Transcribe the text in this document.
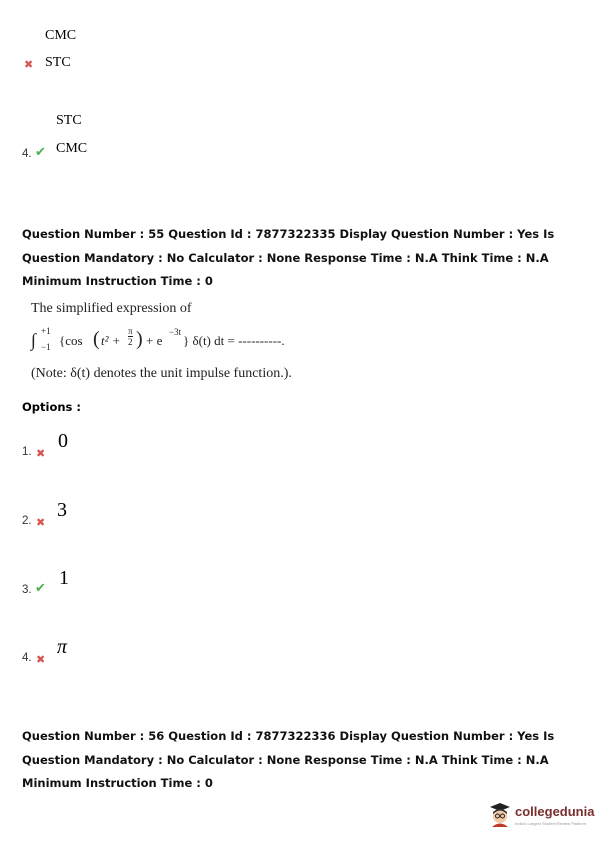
CMC
✖ STC
STC
4. ✔ CMC
Question Number : 55 Question Id : 7877322335 Display Question Number : Yes Is Question Mandatory : No Calculator : None Response Time : N.A Think Time : N.A Minimum Instruction Time : 0
The simplified expression of
∫ +1
−1 {cos ( t² +
π
2 ) + e
−3t
} δ(t) dt = ----------.
(Note: δ(t) denotes the unit impulse function.).
Options :
1. ✖
0
2. ✖
3
3. ✔ 1
4. ✖
π
Question Number : 56 Question Id : 7877322336 Display Question Number : Yes Is Question Mandatory : No Calculator : None Response Time : N.A Think Time : N.A Minimum Instruction Time : 0
collegedunia
India's Largest Student Review Platform
